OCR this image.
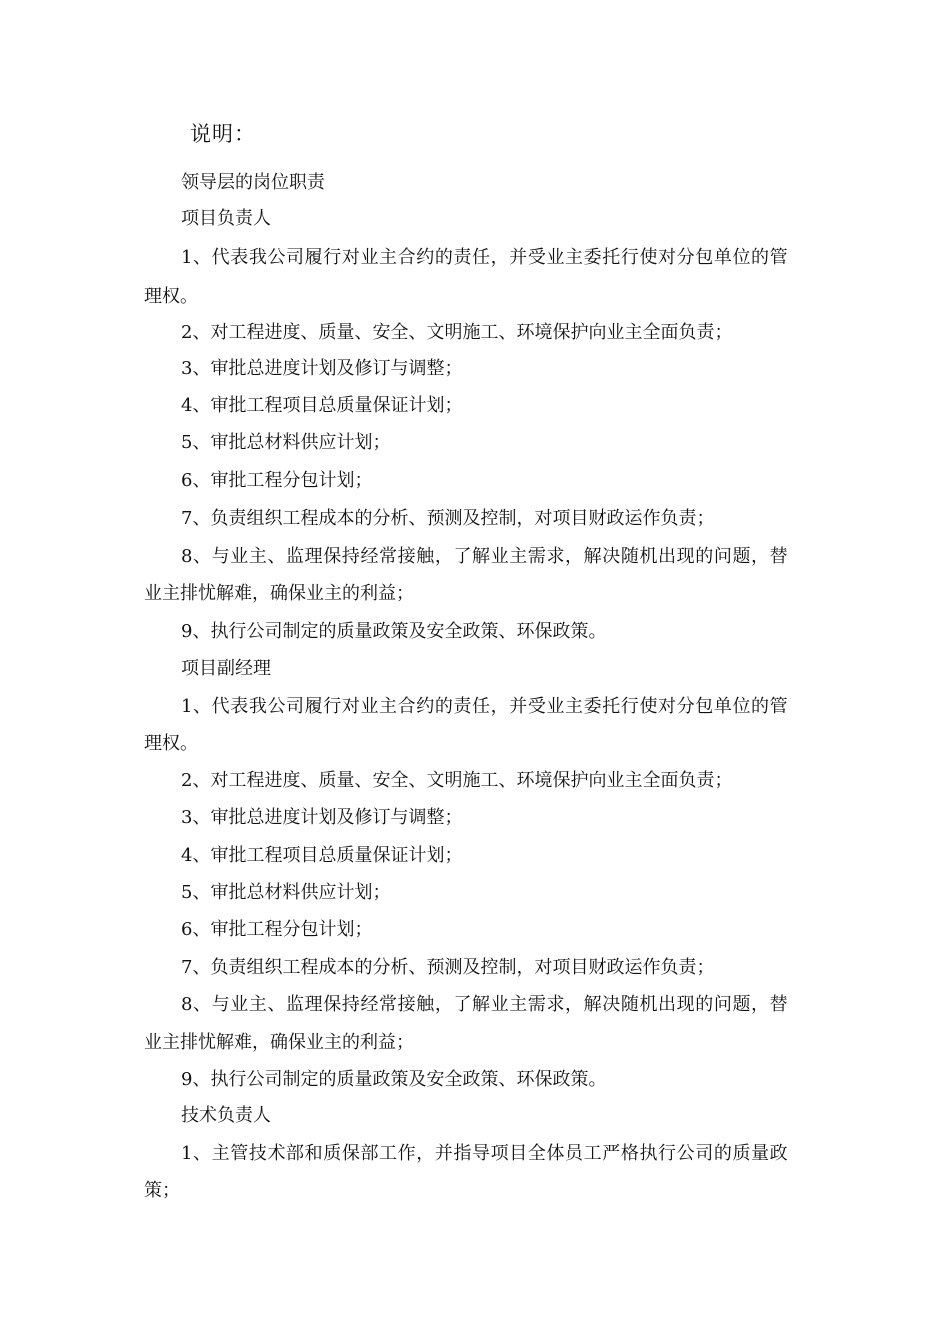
说明：
领导层的岗位职责
项目负责人
1、代表我公司履行对业主合约的责任，并受业主委托行使对分包单位的管
理权。
2、对工程进度、质量、安全、文明施工、环境保护向业主全面负责；
3、审批总进度计划及修订与调整；
4、审批工程项目总质量保证计划；
5、审批总材料供应计划；
6、审批工程分包计划；
7、负责组织工程成本的分析、预测及控制，对项目财政运作负责；
8、与业主、监理保持经常接触，了解业主需求，解决随机出现的问题，替
业主排忧解难，确保业主的利益；
9、执行公司制定的质量政策及安全政策、环保政策。
项目副经理
1、代表我公司履行对业主合约的责任，并受业主委托行使对分包单位的管
理权。
2、对工程进度、质量、安全、文明施工、环境保护向业主全面负责；
3、审批总进度计划及修订与调整；
4、审批工程项目总质量保证计划；
5、审批总材料供应计划；
6、审批工程分包计划；
7、负责组织工程成本的分析、预测及控制，对项目财政运作负责；
8、与业主、监理保持经常接触，了解业主需求，解决随机出现的问题，替
业主排忧解难，确保业主的利益；
9、执行公司制定的质量政策及安全政策、环保政策。
技术负责人
1、主管技术部和质保部工作，并指导项目全体员工严格执行公司的质量政
策；
